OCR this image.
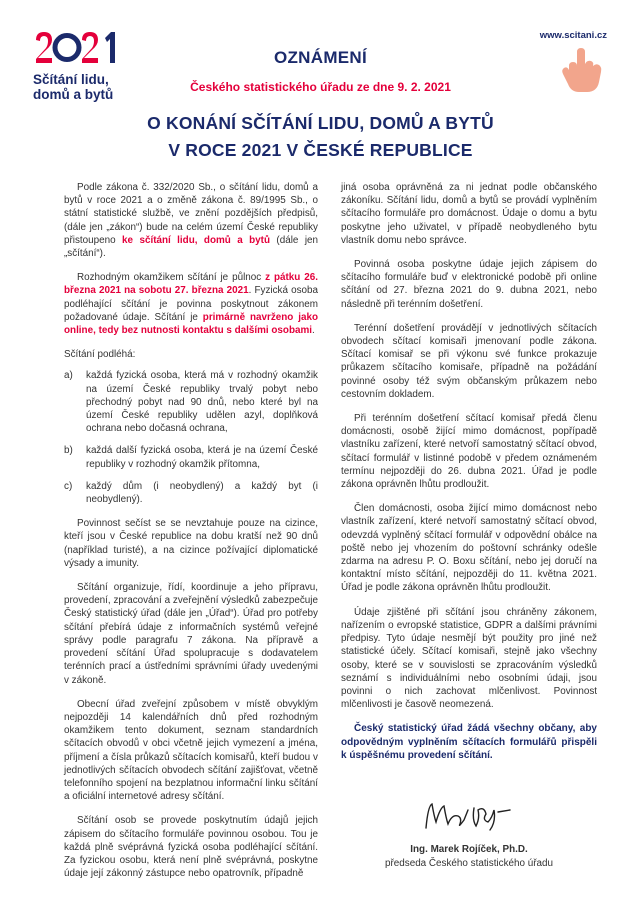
Sčítání lidu,
domů a bytů
www.scitani.cz
OZNÁMENÍ
Českého statistického úřadu ze dne 9. 2. 2021
O KONÁNÍ SČÍTÁNÍ LIDU, DOMŮ A BYTŮ
V ROCE 2021 V ČESKÉ REPUBLICE

Podle zákona č. 332/2020 Sb., o sčítání lidu, domů a bytů v roce 2021 a o změně zákona č. 89/1995 Sb., o státní statistické službě, ve znění pozdějších předpisů, (dále jen „zákon“) bude na celém území České republiky přistoupeno ke sčítání lidu, domů a bytů (dále jen „sčítání“).

Rozhodným okamžikem sčítání je půlnoc z pátku 26. března 2021 na sobotu 27. března 2021. Fyzická osoba podléhající sčítání je povinna poskytnout zákonem požadované údaje. Sčítání je primárně navrženo jako online, tedy bez nutnosti kontaktu s dalšími osobami.

Sčítání podléhá:

a) každá fyzická osoba, která má v rozhodný okamžik na území České republiky trvalý pobyt nebo přechodný pobyt nad 90 dnů, nebo které byl na území České republiky udělen azyl, doplňková ochrana nebo dočasná ochrana,
b) každá další fyzická osoba, která je na území České republiky v rozhodný okamžik přítomna,
c) každý dům (i neobydlený) a každý byt (i neobydlený).

Povinnost sečíst se se nevztahuje pouze na cizince, kteří jsou v České republice na dobu kratší než 90 dnů (například turisté), a na cizince požívající diplomatické výsady a imunity.

Sčítání organizuje, řídí, koordinuje a jeho přípravu, provedení, zpracování a zveřejnění výsledků zabezpečuje Český statistický úřad (dále jen „Úřad“). Úřad pro potřeby sčítání přebírá údaje z informačních systémů veřejné správy podle paragrafu 7 zákona. Na přípravě a provedení sčítání Úřad spolupracuje s dodavatelem terénních prací a ústředními správními úřady uvedenými v zákoně.

Obecní úřad zveřejní způsobem v místě obvyklým nejpozději 14 kalendářních dnů před rozhodným okamžikem tento dokument, seznam standardních sčítacích obvodů v obci včetně jejich vymezení a jména, příjmení a čísla průkazů sčítacích komisařů, kteří budou v jednotlivých sčítacích obvodech sčítání zajišťovat, včetně telefonního spojení na bezplatnou informační linku sčítání a oficiální internetové adresy sčítání.

Sčítání osob se provede poskytnutím údajů jejich zápisem do sčítacího formuláře povinnou osobou. Tou je každá plně svéprávná fyzická osoba podléhající sčítání. Za fyzickou osobu, která není plně svéprávná, poskytne údaje její zákonný zástupce nebo opatrovník, případně

jiná osoba oprávněná za ni jednat podle občanského zákoníku. Sčítání lidu, domů a bytů se provádí vyplněním sčítacího formuláře pro domácnost. Údaje o domu a bytu poskytne jeho uživatel, v případě neobydleného bytu vlastník domu nebo správce.

Povinná osoba poskytne údaje jejich zápisem do sčítacího formuláře buď v elektronické podobě při online sčítání od 27. března 2021 do 9. dubna 2021, nebo následně při terénním došetření.

Terénní došetření provádějí v jednotlivých sčítacích obvodech sčítací komisaři jmenovaní podle zákona. Sčítací komisař se při výkonu své funkce prokazuje průkazem sčítacího komisaře, případně na požádání povinné osoby též svým občanským průkazem nebo cestovním dokladem.

Při terénním došetření sčítací komisař předá členu domácnosti, osobě žijící mimo domácnost, popřípadě vlastníku zařízení, které netvoří samostatný sčítací obvod, sčítací formulář v listinné podobě v předem oznámeném termínu nejpozději do 26. dubna 2021. Úřad je podle zákona oprávněn lhůtu prodloužit.

Člen domácnosti, osoba žijící mimo domácnost nebo vlastník zařízení, které netvoří samostatný sčítací obvod, odevzdá vyplněný sčítací formulář v odpovědní obálce na poště nebo jej vhozením do poštovní schránky odešle zdarma na adresu P. O. Boxu sčítání, nebo jej doručí na kontaktní místo sčítání, nejpozději do 11. května 2021. Úřad je podle zákona oprávněn lhůtu prodloužit.

Údaje zjištěné při sčítání jsou chráněny zákonem, nařízením o evropské statistice, GDPR a dalšími právními předpisy. Tyto údaje nesmějí být použity pro jiné než statistické účely. Sčítací komisaři, stejně jako všechny osoby, které se v souvislosti se zpracováním výsledků seznámí s individuálními nebo osobními údaji, jsou povinni o nich zachovat mlčenlivost. Povinnost mlčenlivosti je časově neomezená.

Český statistický úřad žádá všechny občany, aby odpovědným vyplněním sčítacích formulářů přispěli k úspěšnému provedení sčítání.

Ing. Marek Rojíček, Ph.D.
předseda Českého statistického úřadu
